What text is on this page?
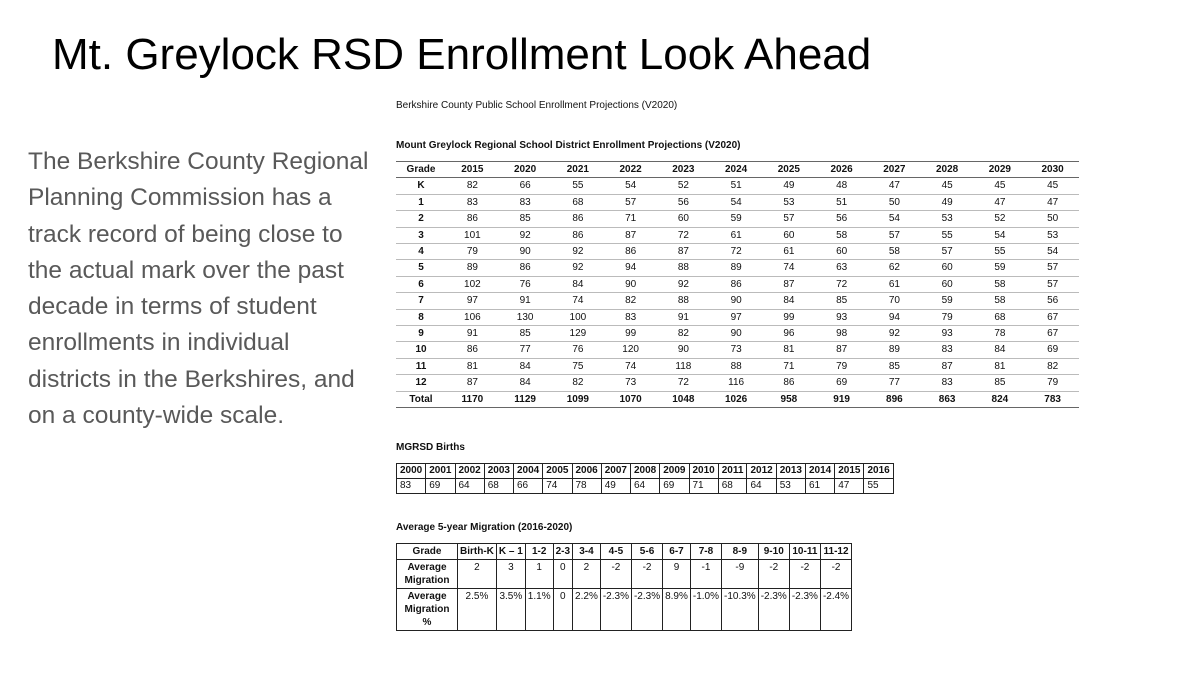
Mt. Greylock RSD Enrollment Look Ahead

The Berkshire County Regional Planning Commission has a track record of being close to the actual mark over the past decade in terms of student enrollments in individual districts in the Berkshires, and on a county-wide scale.

Berkshire County Public School Enrollment Projections (V2020)
Mount Greylock Regional School District Enrollment Projections (V2020)
Grade	2015	2020	2021	2022	2023	2024	2025	2026	2027	2028	2029	2030
K	82	66	55	54	52	51	49	48	47	45	45	45
1	83	83	68	57	56	54	53	51	50	49	47	47
2	86	85	86	71	60	59	57	56	54	53	52	50
3	101	92	86	87	72	61	60	58	57	55	54	53
4	79	90	92	86	87	72	61	60	58	57	55	54
5	89	86	92	94	88	89	74	63	62	60	59	57
6	102	76	84	90	92	86	87	72	61	60	58	57
7	97	91	74	82	88	90	84	85	70	59	58	56
8	106	130	100	83	91	97	99	93	94	79	68	67
9	91	85	129	99	82	90	96	98	92	93	78	67
10	86	77	76	120	90	73	81	87	89	83	84	69
11	81	84	75	74	118	88	71	79	85	87	81	82
12	87	84	82	73	72	116	86	69	77	83	85	79
Total	1170	1129	1099	1070	1048	1026	958	919	896	863	824	783
MGRSD Births
2000	2001	2002	2003	2004	2005	2006	2007	2008	2009	2010	2011	2012	2013	2014	2015	2016
83	69	64	68	66	74	78	49	64	69	71	68	64	53	61	47	55
Average 5-year Migration (2016-2020)
Grade	Birth-K	K – 1	1-2	2-3	3-4	4-5	5-6	6-7	7-8	8-9	9-10	10-11	11-12
Average Migration	2	3	1	0	2	-2	-2	9	-1	-9	-2	-2	-2
Average Migration %	2.5%	3.5%	1.1%	0	2.2%	-2.3%	-2.3%	8.9%	-1.0%	-10.3%	-2.3%	-2.3%	-2.4%
